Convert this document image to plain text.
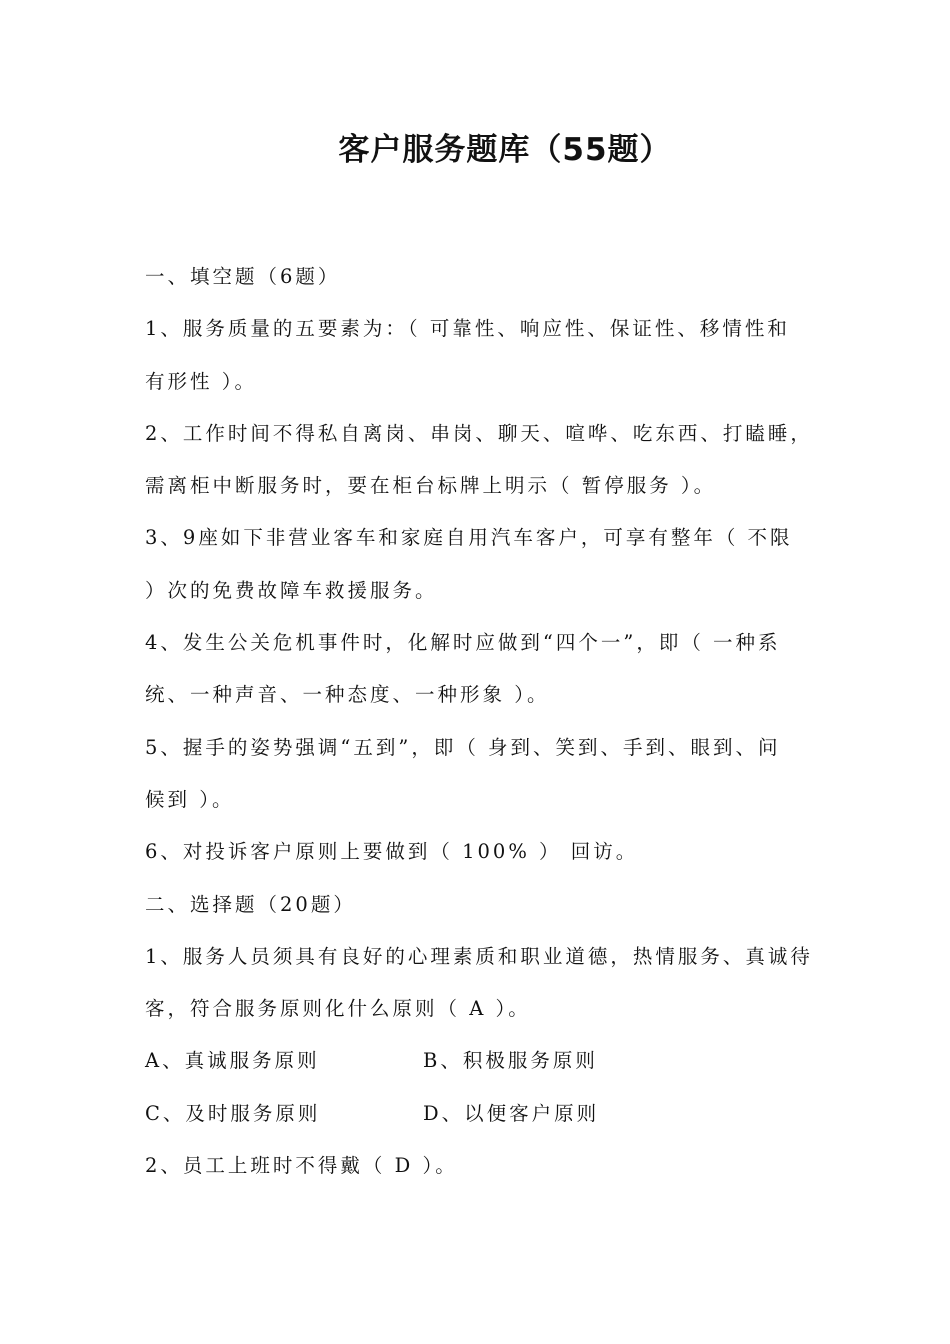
客户服务题库（55题）
一、填空题（6题）
1、服务质量的五要素为：（ 可靠性、响应性、保证性、移情性和
有形性 ）。
2、工作时间不得私自离岗、串岗、聊天、喧哗、吃东西、打瞌睡，
需离柜中断服务时，要在柜台标牌上明示（ 暂停服务 ）。
3、9座如下非营业客车和家庭自用汽车客户，可享有整年（ 不限
）次的免费故障车救援服务。
4、发生公关危机事件时，化解时应做到“四个一”，即（ 一种系
统、一种声音、一种态度、一种形象 ）。
5、握手的姿势强调“五到”，即（ 身到、笑到、手到、眼到、问
候到 ）。
6、对投诉客户原则上要做到（ 100% ） 回访。
二、选择题（20题）
1、服务人员须具有良好的心理素质和职业道德，热情服务、真诚待
客，符合服务原则化什么原则（ A ）。
A、真诚服务原则	B、积极服务原则
C、及时服务原则	D、以便客户原则
2、员工上班时不得戴（ D ）。
